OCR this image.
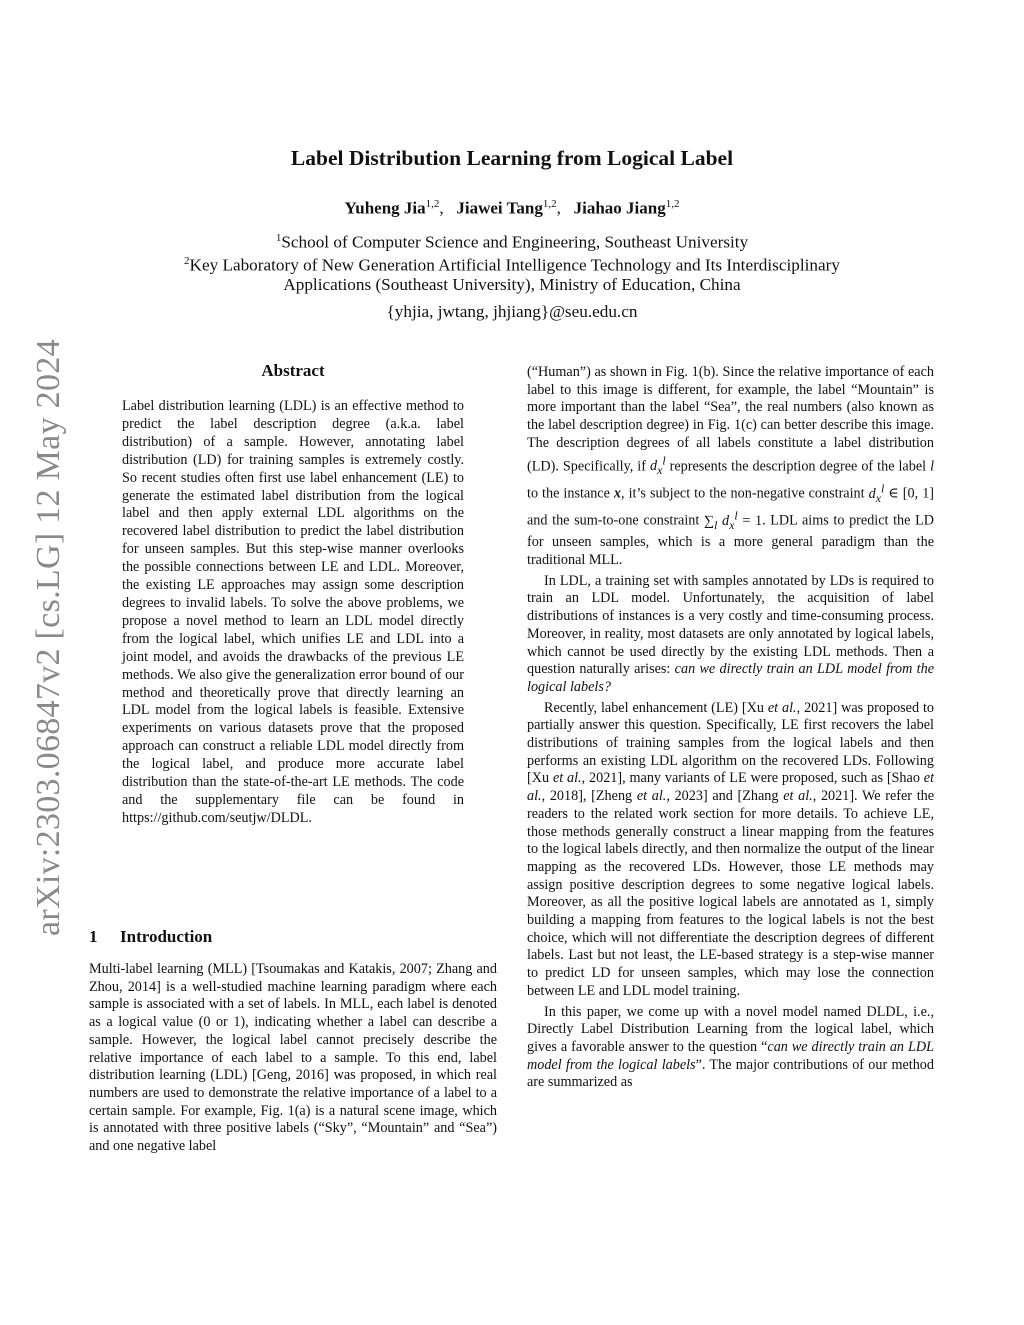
arXiv:2303.06847v2 [cs.LG] 12 May 2024
Label Distribution Learning from Logical Label
Yuheng Jia$^{1,2}$, Jiawei Tang$^{1,2}$, Jiahao Jiang$^{1,2}$
$^1$School of Computer Science and Engineering, Southeast University
$^2$Key Laboratory of New Generation Artificial Intelligence Technology and Its Interdisciplinary
Applications (Southeast University), Ministry of Education, China
{yhjia, jwtang, jhjiang}@seu.edu.cn
Abstract
Label distribution learning (LDL) is an effective method to predict the label description degree (a.k.a. label distribution) of a sample. However, annotating label distribution (LD) for training samples is extremely costly. So recent studies often first use label enhancement (LE) to generate the estimated label distribution from the logical label and then apply external LDL algorithms on the recovered label distribution to predict the label distribution for unseen samples. But this step-wise manner overlooks the possible connections between LE and LDL. Moreover, the existing LE approaches may assign some description degrees to invalid labels. To solve the above problems, we propose a novel method to learn an LDL model directly from the logical label, which unifies LE and LDL into a joint model, and avoids the drawbacks of the previous LE methods. We also give the generalization error bound of our method and theoretically prove that directly learning an LDL model from the logical labels is feasible. Extensive experiments on various datasets prove that the proposed approach can construct a reliable LDL model directly from the logical label, and produce more accurate label distribution than the state-of-the-art LE methods. The code and the supplementary file can be found in https://github.com/seutjw/DLDL.
1 Introduction
Multi-label learning (MLL) [Tsoumakas and Katakis, 2007; Zhang and Zhou, 2014] is a well-studied machine learning paradigm where each sample is associated with a set of labels. In MLL, each label is denoted as a logical value (0 or 1), indicating whether a label can describe a sample. However, the logical label cannot precisely describe the relative importance of each label to a sample. To this end, label distribution learning (LDL) [Geng, 2016] was proposed, in which real numbers are used to demonstrate the relative importance of a label to a certain sample. For example, Fig. 1(a) is a natural scene image, which is annotated with three positive labels (“Sky”, “Mountain” and “Sea”) and one negative label

(“Human”) as shown in Fig. 1(b). Since the relative importance of each label to this image is different, for example, the label “Mountain” is more important than the label “Sea”, the real numbers (also known as the label description degree) in Fig. 1(c) can better describe this image. The description degrees of all labels constitute a label distribution (LD). Specifically, if $d_x^l$ represents the description degree of the label l to the instance x, it’s subject to the non-negative constraint $d_x^l$ ∈ [0, 1] and the sum-to-one constraint $\sum_l$ $d_x^l = 1$. LDL aims to predict the LD for unseen samples, which is a more general paradigm than the traditional MLL.

In LDL, a training set with samples annotated by LDs is required to train an LDL model. Unfortunately, the acquisition of label distributions of instances is a very costly and time-consuming process. Moreover, in reality, most datasets are only annotated by logical labels, which cannot be used directly by the existing LDL methods. Then a question naturally arises: can we directly train an LDL model from the logical labels?

Recently, label enhancement (LE) [Xu et al., 2021] was proposed to partially answer this question. Specifically, LE first recovers the label distributions of training samples from the logical labels and then performs an existing LDL algorithm on the recovered LDs. Following [Xu et al., 2021], many variants of LE were proposed, such as [Shao et al., 2018], [Zheng et al., 2023] and [Zhang et al., 2021]. We refer the readers to the related work section for more details. To achieve LE, those methods generally construct a linear mapping from the features to the logical labels directly, and then normalize the output of the linear mapping as the recovered LDs. However, those LE methods may assign positive description degrees to some negative logical labels. Moreover, as all the positive logical labels are annotated as 1, simply building a mapping from features to the logical labels is not the best choice, which will not differentiate the description degrees of different labels. Last but not least, the LE-based strategy is a step-wise manner to predict LD for unseen samples, which may lose the connection between LE and LDL model training.

In this paper, we come up with a novel model named DLDL, i.e., Directly Label Distribution Learning from the logical label, which gives a favorable answer to the question “can we directly train an LDL model from the logical labels”. The major contributions of our method are summarized as
